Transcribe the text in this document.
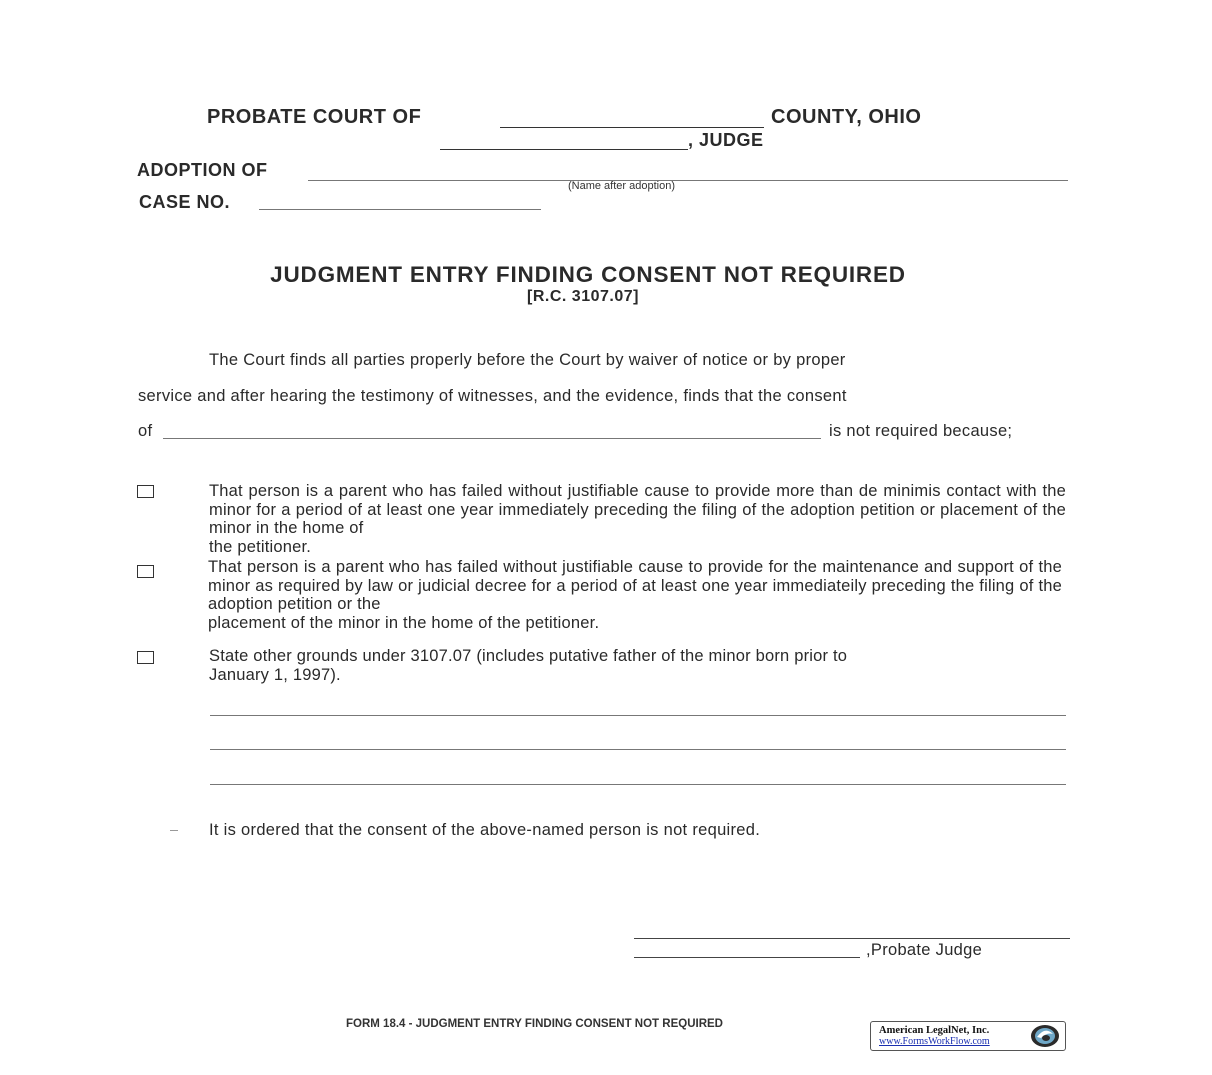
PROBATE COURT OF	COUNTY, OHIO
, JUDGE
ADOPTION OF
(Name after adoption)
CASE NO.
JUDGMENT ENTRY FINDING CONSENT NOT REQUIRED
[R.C. 3107.07]
The Court finds all parties properly before the Court by waiver of notice or by proper
service and after hearing the testimony of witnesses, and the evidence, finds that the consent
of	is not required because;
That person is a parent who has failed without justifiable cause to provide more than de minimis contact with the minor for a period of at least one year immediately preceding the filing of the adoption petition or placement of the minor in the home of
the petitioner.
That person is a parent who has failed without justifiable cause to provide for the maintenance and support of the minor as required by law or judicial decree for a period of at least one year immediateily preceding the filing of the adoption petition or the
placement of the minor in the home of the petitioner.
State other grounds under 3107.07 (includes putative father of the minor born prior to
January 1, 1997).
It is ordered that the consent of the above-named person is not required.
,Probate Judge
FORM 18.4 - JUDGMENT ENTRY FINDING CONSENT NOT REQUIRED
American LegalNet, Inc.
www.FormsWorkFlow.com
